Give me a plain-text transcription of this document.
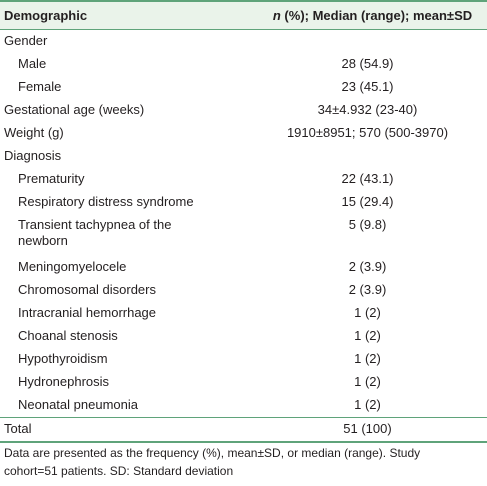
Demographic	n (%); Median (range); mean±SD
Gender	
Male	28 (54.9)
Female	23 (45.1)
Gestational age (weeks)	34±4.932 (23-40)
Weight (g)	1910±8951; 570 (500-3970)
Diagnosis	
Prematurity	22 (43.1)
Respiratory distress syndrome	15 (29.4)
Transient tachypnea of the newborn	5 (9.8)
Meningomyelocele	2 (3.9)
Chromosomal disorders	2 (3.9)
Intracranial hemorrhage	1 (2)
Choanal stenosis	1 (2)
Hypothyroidism	1 (2)
Hydronephrosis	1 (2)
Neonatal pneumonia	1 (2)
Total	51 (100)
Data are presented as the frequency (%), mean±SD, or median (range). Study cohort=51 patients. SD: Standard deviation
